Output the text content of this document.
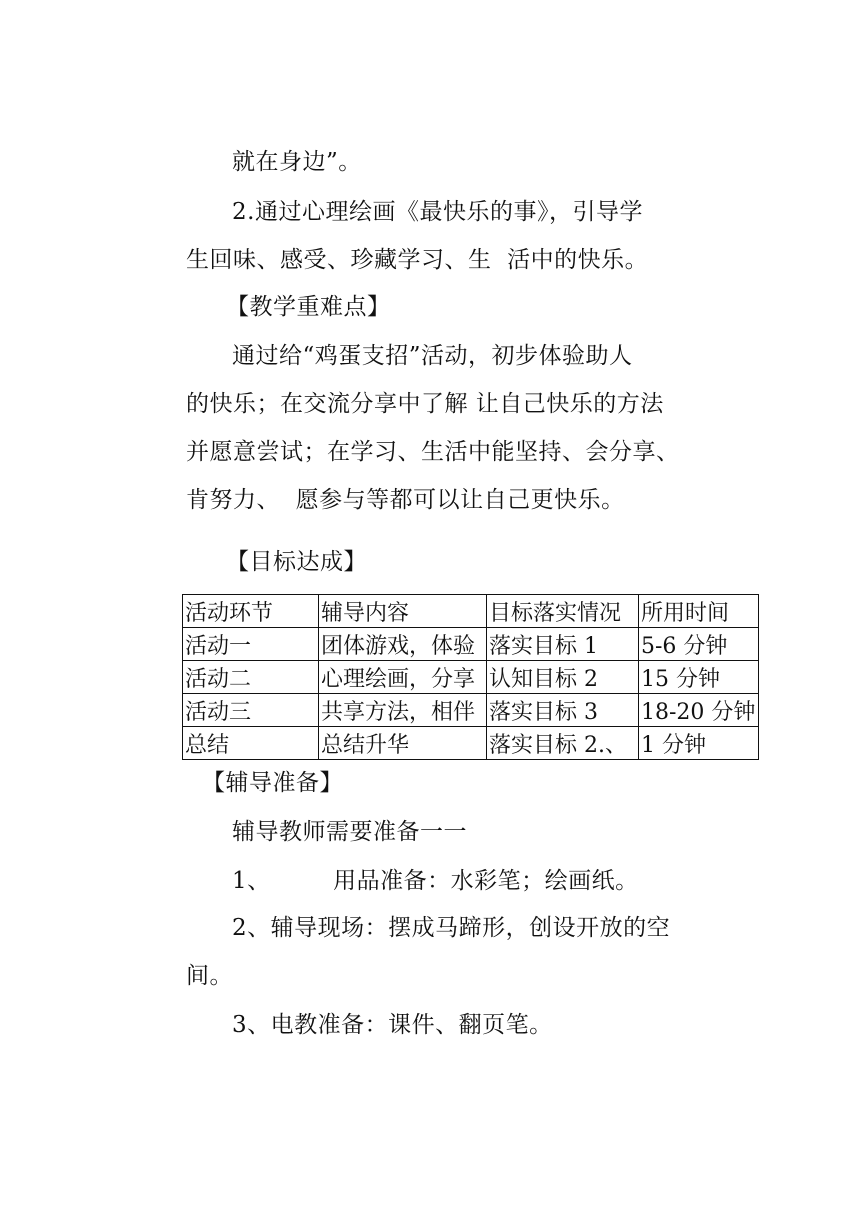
就在身边”。
2.通过心理绘画《最快乐的事》，引导学
生回味、感受、珍藏学习、生  活中的快乐。
【教学重难点】
通过给“鸡蛋支招”活动，初步体验助人
的快乐；在交流分享中了解 让自己快乐的方法
并愿意尝试；在学习、生活中能坚持、会分享、
肯努力、  愿参与等都可以让自己更快乐。
【目标达成】
活动环节	辅导内容	目标落实情况	所用时间
活动一	团体游戏，体验	落实目标 1	5-6 分钟
活动二	心理绘画，分享	认知目标 2	15 分钟
活动三	共享方法，相伴	落实目标 3	18-20 分钟
总结	总结升华	落实目标 2.、	1 分钟
【辅导准备】
辅导教师需要准备一一
1、        用品准备：水彩笔；绘画纸。
2、辅导现场：摆成马蹄形，创设开放的空
间。
3、电教准备：课件、翻页笔。
